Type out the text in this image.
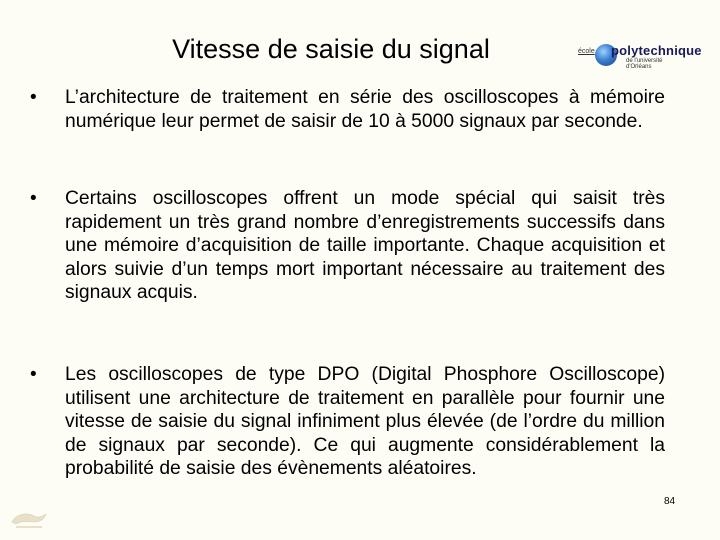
Vitesse de saisie du signal	école polytechnique
de l'université d'Orléans
• L’architecture de traitement en série des oscilloscopes à mémoire numérique leur permet de saisir de 10 à 5000 signaux par seconde.
• Certains oscilloscopes offrent un mode spécial qui saisit très rapidement un très grand nombre d’enregistrements successifs dans une mémoire d’acquisition de taille importante. Chaque acquisition et alors suivie d’un temps mort important nécessaire au traitement des signaux acquis.
• Les oscilloscopes de type DPO (Digital Phosphore Oscilloscope) utilisent une architecture de traitement en parallèle pour fournir une vitesse de saisie du signal infiniment plus élevée (de l’ordre du million de signaux par seconde). Ce qui augmente considérablement la probabilité de saisie des évènements aléatoires.
84
